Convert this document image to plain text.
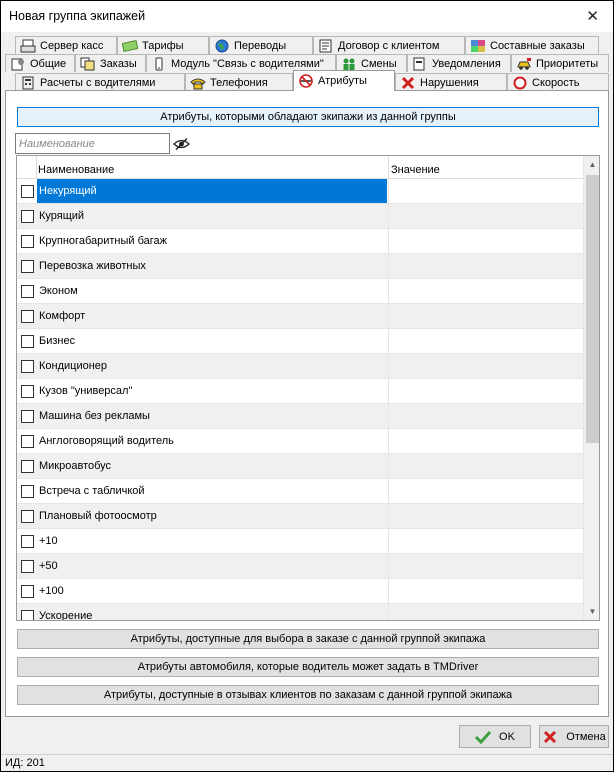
Новая группа экипажей	✕
Сервер касс	Тарифы	Переводы	Договор с клиентом	Составные заказы
Общие	Заказы	Модуль "Связь с водителями"	Смены	Уведомления	Приоритеты
Расчеты с водителями	Телефония	Атрибуты	Нарушения	Скорость
Атрибуты, которыми обладают экипажи из данной группы
Наименование
Наименование	Значение
Некурящий
Курящий
Крупногабаритный багаж
Перевозка животных
Эконом
Комфорт
Бизнес
Кондиционер
Кузов "универсал"
Машина без рекламы
Англоговорящий водитель
Микроавтобус
Встреча с табличкой
Плановый фотоосмотр
+10
+50
+100
Ускорение
▲
▼
Атрибуты, доступные для выбора в заказе с данной группой экипажа
Атрибуты автомобиля, которые водитель может задать в TMDriver
Атрибуты, доступные в отзывах клиентов по заказам с данной группой экипажа
OK	Отмена
ИД: 201
